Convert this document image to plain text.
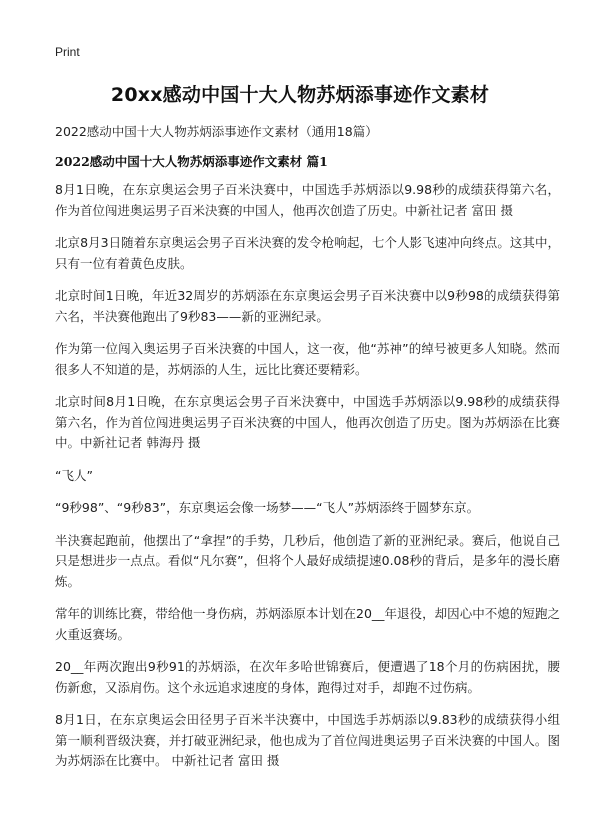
Print
20xx感动中国十大人物苏炳添事迹作文素材
2022感动中国十大人物苏炳添事迹作文素材（通用18篇）
2022感动中国十大人物苏炳添事迹作文素材 篇1

8月1日晚，在东京奥运会男子百米決赛中，中国选手苏炳添以9.98秒的成绩获得第六名，作为首位闯进奥运男子百米決赛的中国人，他再次创造了历史。中新社记者 富田 摄

北京8月3日随着东京奥运会男子百米決赛的发令枪响起，七个人影飞速冲向终点。这其中，只有一位有着黄色皮肤。

北京时间1日晚，年近32周岁的苏炳添在东京奥运会男子百米決赛中以9秒98的成绩获得第六名，半決赛他跑出了9秒83——新的亚洲纪录。

作为第一位闯入奥运男子百米決赛的中国人，这一夜，他“苏神”的绰号被更多人知晓。然而很多人不知道的是，苏炳添的人生，远比比赛还要精彩。

北京时间8月1日晚，在东京奥运会男子百米決赛中，中国选手苏炳添以9.98秒的成绩获得第六名，作为首位闯进奥运男子百米決赛的中国人，他再次创造了历史。图为苏炳添在比赛中。中新社记者 韩海丹 摄

“飞人”

“9秒98”、“9秒83”，东京奥运会像一场梦——“飞人”苏炳添终于圆梦东京。

半決赛起跑前，他摆出了“拿捏”的手势，几秒后，他创造了新的亚洲纪录。赛后，他说自己只是想进步一点点。看似“凡尔赛”，但将个人最好成绩提速0.08秒的背后，是多年的漫长磨炼。

常年的训练比赛，带给他一身伤病，苏炳添原本计划在20__年退役，却因心中不熄的短跑之火重返赛场。

20__年两次跑出9秒91的苏炳添，在次年多哈世锦赛后，便遭遇了18个月的伤病困扰，腰伤新愈，又添肩伤。这个永远追求速度的身体，跑得过对手，却跑不过伤病。

8月1日，在东京奥运会田径男子百米半決赛中，中国选手苏炳添以9.83秒的成绩获得小组第一顺利晋级決赛，并打破亚洲纪录，他也成为了首位闯进奥运男子百米決赛的中国人。图为苏炳添在比赛中。 中新社记者 富田 摄
